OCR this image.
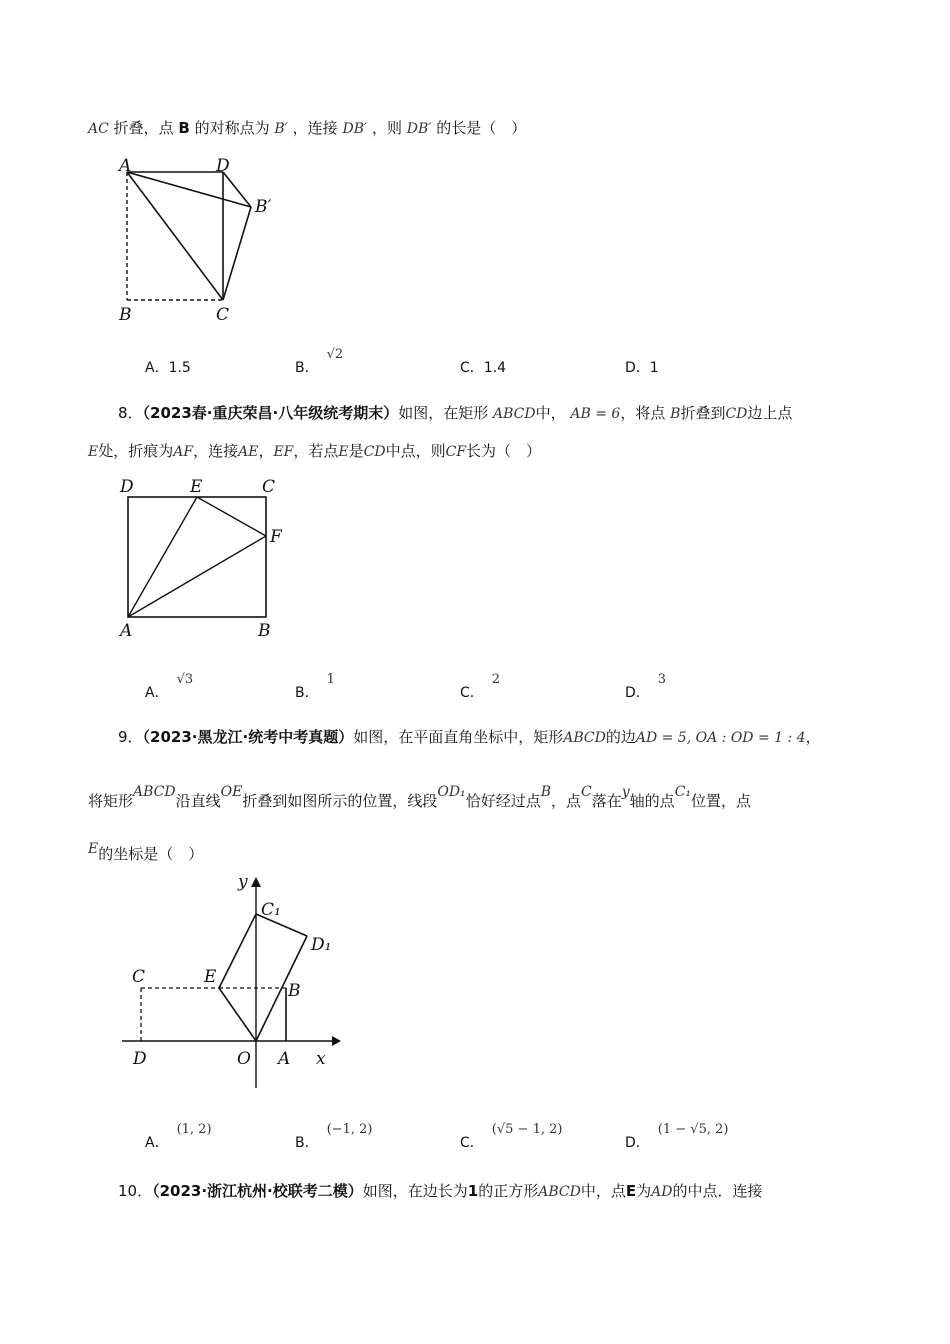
AC 折叠，点 B 的对称点为 B′ ，连接 DB′ ，则 DB′ 的长是（　）
A	D
B′
B	C
A．1.5	B．√2
C．1.4	D．1
8．（2023春·重庆荣昌·八年级统考期末）如图，在矩形 ABCD中， AB = 6，将点 B折叠到CD边上点
E处，折痕为AF，连接AE，EF，若点E是CD中点，则CF长为（　）
D	E	C
F
A	B
A．√3
B．1
C．2
D．3
9．（2023·黑龙江·统考中考真题）如图，在平面直角坐标中，矩形ABCD的边AD = 5, OA : OD = 1 : 4，
将矩形ABCD沿直线OE折叠到如图所示的位置，线段OD₁恰好经过点B，点C落在y轴的点C₁位置，点
E的坐标是（　）
y
C₁
D₁
C	E
B
D	O A x
A．(1, 2)
B．(−1, 2)
C．(√5 − 1, 2)
D．(1 − √5, 2)
10．（2023·浙江杭州·校联考二模）如图，在边长为1的正方形ABCD中，点E为AD的中点．连接
